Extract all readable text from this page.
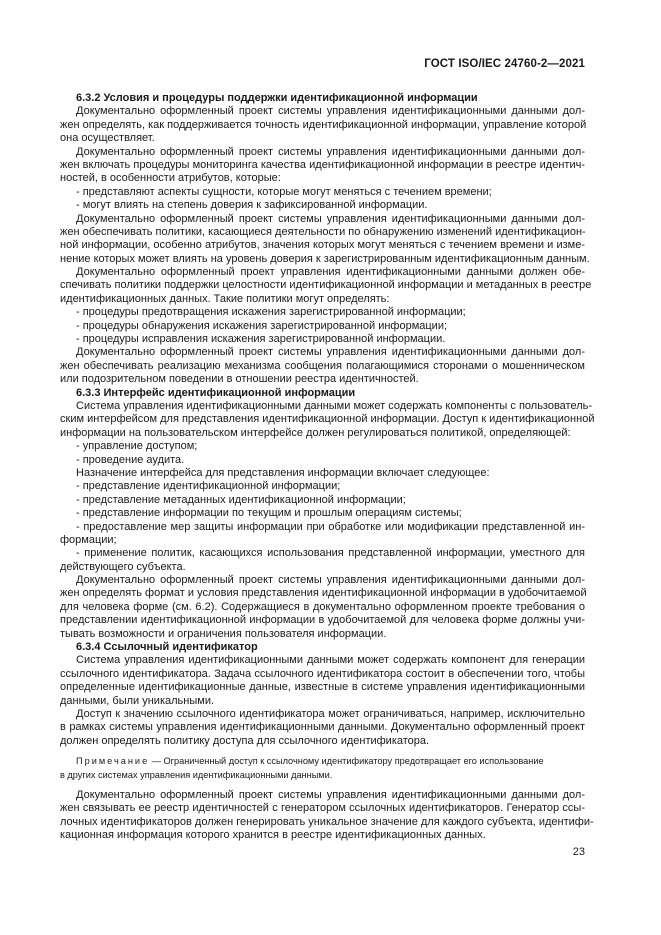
ГОСТ ISO/IEC 24760-2—2021
6.3.2 Условия и процедуры поддержки идентификационной информации
Документально оформленный проект системы управления идентификационными данными дол-
жен определять, как поддерживается точность идентификационной информации, управление которой
она осуществляет.
Документально оформленный проект системы управления идентификационными данными дол-
жен включать процедуры мониторинга качества идентификационной информации в реестре идентич-
ностей, в особенности атрибутов, которые:
- представляют аспекты сущности, которые могут меняться с течением времени;
- могут влиять на степень доверия к зафиксированной информации.
Документально оформленный проект системы управления идентификационными данными дол-
жен обеспечивать политики, касающиеся деятельности по обнаружению изменений идентификацион-
ной информации, особенно атрибутов, значения которых могут меняться с течением времени и изме-
нение которых может влиять на уровень доверия к зарегистрированным идентификационным данным.
Документально оформленный проект управления идентификационными данными должен обе-
спечивать политики поддержки целостности идентификационной информации и метаданных в реестре
идентификационных данных. Такие политики могут определять:
- процедуры предотвращения искажения зарегистрированной информации;
- процедуры обнаружения искажения зарегистрированной информации;
- процедуры исправления искажения зарегистрированной информации.
Документально оформленный проект системы управления идентификационными данными дол-
жен обеспечивать реализацию механизма сообщения полагающимися сторонами о мошенническом
или подозрительном поведении в отношении реестра идентичностей.
6.3.3 Интерфейс идентификационной информации
Система управления идентификационными данными может содержать компоненты с пользователь-
ским интерфейсом для представления идентификационной информации. Доступ к идентификационной
информации на пользовательском интерфейсе должен регулироваться политикой, определяющей:
- управление доступом;
- проведение аудита.
Назначение интерфейса для представления информации включает следующее:
- представление идентификационной информации;
- представление метаданных идентификационной информации;
- представление информации по текущим и прошлым операциям системы;
- предоставление мер защиты информации при обработке или модификации представленной ин-
формации;
- применение политик, касающихся использования представленной информации, уместного для
действующего субъекта.
Документально оформленный проект системы управления идентификационными данными дол-
жен определять формат и условия представления идентификационной информации в удобочитаемой
для человека форме (см. 6.2). Содержащиеся в документально оформленном проекте требования о
представлении идентификационной информации в удобочитаемой для человека форме должны учи-
тывать возможности и ограничения пользователя информации.
6.3.4 Ссылочный идентификатор
Система управления идентификационными данными может содержать компонент для генерации
ссылочного идентификатора. Задача ссылочного идентификатора состоит в обеспечении того, чтобы
определенные идентификационные данные, известные в системе управления идентификационными
данными, были уникальными.
Доступ к значению ссылочного идентификатора может ограничиваться, например, исключительно
в рамках системы управления идентификационными данными. Документально оформленный проект
должен определять политику доступа для ссылочного идентификатора.
Примечание — Ограниченный доступ к ссылочному идентификатору предотвращает его использование
в других системах управления идентификационными данными.
Документально оформленный проект системы управления идентификационными данными дол-
жен связывать ее реестр идентичностей с генератором ссылочных идентификаторов. Генератор ссы-
лочных идентификаторов должен генерировать уникальное значение для каждого субъекта, идентифи-
кационная информация которого хранится в реестре идентификационных данных.
23
